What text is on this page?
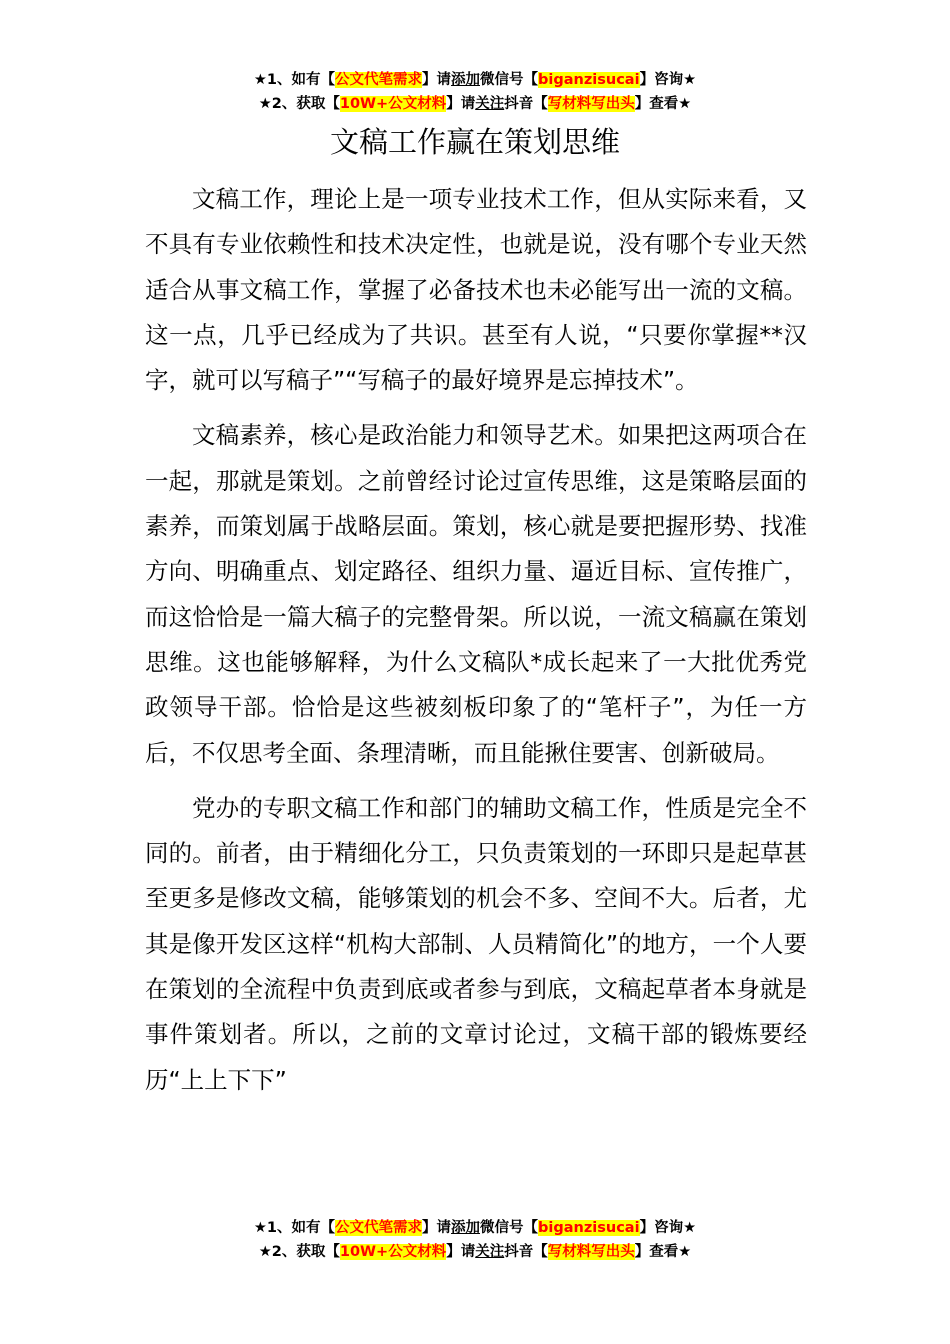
★1、如有【公文代笔需求】请添加微信号【biganzisucai】咨询★
★2、获取【10W+公文材料】请关注抖音【写材料写出头】查看★
文稿工作赢在策划思维

文稿工作，理论上是一项专业技术工作，但从实际来看，又不具有专业依赖性和技术决定性，也就是说，没有哪个专业天然适合从事文稿工作，掌握了必备技术也未必能写出一流的文稿。这一点，几乎已经成为了共识。甚至有人说，“只要你掌握**汉字，就可以写稿子”“写稿子的最好境界是忘掉技术”。

文稿素养，核心是政治能力和领导艺术。如果把这两项合在一起，那就是策划。之前曾经讨论过宣传思维，这是策略层面的素养，而策划属于战略层面。策划，核心就是要把握形势、找准方向、明确重点、划定路径、组织力量、逼近目标、宣传推广，而这恰恰是一篇大稿子的完整骨架。所以说，一流文稿赢在策划思维。这也能够解释，为什么文稿队*成长起来了一大批优秀党政领导干部。恰恰是这些被刻板印象了的“笔杆子”，为任一方后，不仅思考全面、条理清晰，而且能揪住要害、创新破局。

党办的专职文稿工作和部门的辅助文稿工作，性质是完全不同的。前者，由于精细化分工，只负责策划的一环即只是起草甚至更多是修改文稿，能够策划的机会不多、空间不大。后者，尤其是像开发区这样“机构大部制、人员精简化”的地方，一个人要在策划的全流程中负责到底或者参与到底，文稿起草者本身就是事件策划者。所以，之前的文章讨论过，文稿干部的锻炼要经历“上上下下”

★1、如有【公文代笔需求】请添加微信号【biganzisucai】咨询★
★2、获取【10W+公文材料】请关注抖音【写材料写出头】查看★
